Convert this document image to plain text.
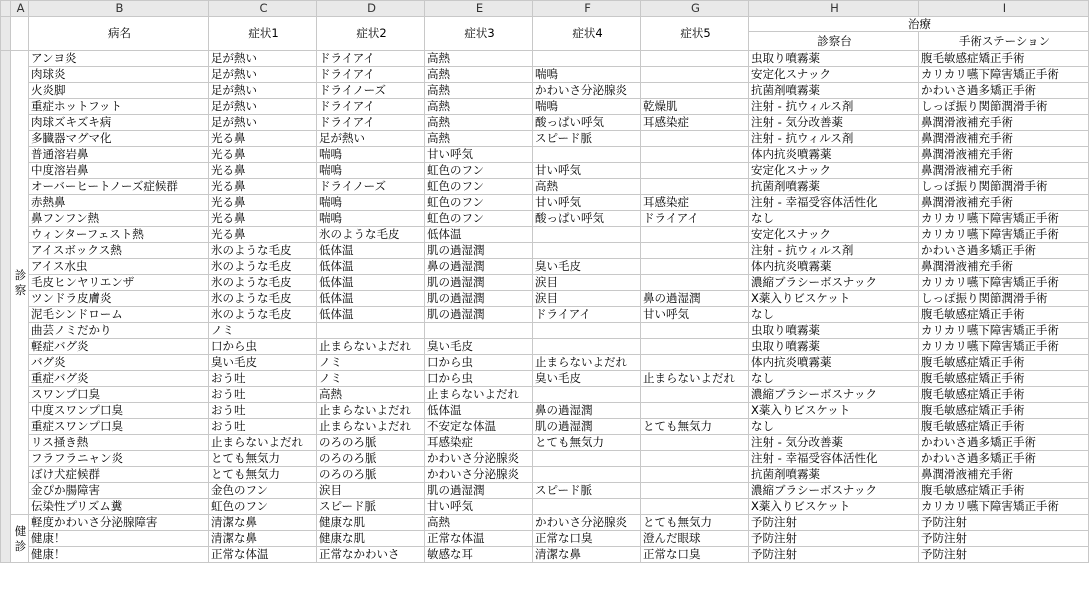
	A	B	C	D	E	F	G	H	I
		病名	症状1	症状2	症状3	症状4	症状5	治療	
								診察台	手術ステーション
	診察	アンヨ炎	足が熱い	ドライアイ	高熱			虫取り噴霧薬	腹毛敏感症矯正手術
		肉球炎	足が熱い	ドライアイ	高熱	喘鳴		安定化スナック	カリカリ嚥下障害矯正手術
		火炎脚	足が熱い	ドライノーズ	高熱	かわいさ分泌腺炎		抗菌剤噴霧薬	かわいさ過多矯正手術
		重症ホットフット	足が熱い	ドライアイ	高熱	喘鳴	乾燥肌	注射 - 抗ウィルス剤	しっぽ振り関節潤滑手術
		肉球ズキズキ病	足が熱い	ドライアイ	高熱	酸っぱい呼気	耳感染症	注射 - 気分改善薬	鼻潤滑液補充手術
		多臓器マグマ化	光る鼻	足が熱い	高熱	スピード脈		注射 - 抗ウィルス剤	鼻潤滑液補充手術
		普通溶岩鼻	光る鼻	喘鳴	甘い呼気			体内抗炎噴霧薬	鼻潤滑液補充手術
		中度溶岩鼻	光る鼻	喘鳴	虹色のフン	甘い呼気		安定化スナック	鼻潤滑液補充手術
		オーバーヒートノーズ症候群	光る鼻	ドライノーズ	虹色のフン	高熱		抗菌剤噴霧薬	しっぽ振り関節潤滑手術
		赤熱鼻	光る鼻	喘鳴	虹色のフン	甘い呼気	耳感染症	注射 - 幸福受容体活性化	鼻潤滑液補充手術
		鼻フンフン熱	光る鼻	喘鳴	虹色のフン	酸っぱい呼気	ドライアイ	なし	カリカリ嚥下障害矯正手術
		ウィンターフェスト熱	光る鼻	氷のような毛皮	低体温			安定化スナック	カリカリ嚥下障害矯正手術
		アイスボックス熱	氷のような毛皮	低体温	肌の過湿潤			注射 - 抗ウィルス剤	かわいさ過多矯正手術
		アイス水虫	氷のような毛皮	低体温	鼻の過湿潤	臭い毛皮		体内抗炎噴霧薬	鼻潤滑液補充手術
		毛皮ヒンヤリエンザ	氷のような毛皮	低体温	肌の過湿潤	涙目		濃縮ブラシーボスナック	カリカリ嚥下障害矯正手術
		ツンドラ皮膚炎	氷のような毛皮	低体温	肌の過湿潤	涙目	鼻の過湿潤	X薬入りビスケット	しっぽ振り関節潤滑手術
		泥毛シンドローム	氷のような毛皮	低体温	肌の過湿潤	ドライアイ	甘い呼気	なし	腹毛敏感症矯正手術
		曲芸ノミだかり	ノミ					虫取り噴霧薬	カリカリ嚥下障害矯正手術
		軽症バグ炎	口から虫	止まらないよだれ	臭い毛皮			虫取り噴霧薬	カリカリ嚥下障害矯正手術
		バグ炎	臭い毛皮	ノミ	口から虫	止まらないよだれ		体内抗炎噴霧薬	腹毛敏感症矯正手術
		重症バグ炎	おう吐	ノミ	口から虫	臭い毛皮	止まらないよだれ	なし	腹毛敏感症矯正手術
		スワンプ口臭	おう吐	高熱	止まらないよだれ			濃縮ブラシーボスナック	腹毛敏感症矯正手術
		中度スワンプ口臭	おう吐	止まらないよだれ	低体温	鼻の過湿潤		X薬入りビスケット	腹毛敏感症矯正手術
		重症スワンプ口臭	おう吐	止まらないよだれ	不安定な体温	肌の過湿潤	とても無気力	なし	腹毛敏感症矯正手術
		リス掻き熱	止まらないよだれ	のろのろ脈	耳感染症	とても無気力		注射 - 気分改善薬	かわいさ過多矯正手術
		フラフラニャン炎	とても無気力	のろのろ脈	かわいさ分泌腺炎			注射 - 幸福受容体活性化	かわいさ過多矯正手術
		ぼけ犬症候群	とても無気力	のろのろ脈	かわいさ分泌腺炎			抗菌剤噴霧薬	鼻潤滑液補充手術
		金ぴか腸障害	金色のフン	涙目	肌の過湿潤	スピード脈		濃縮ブラシーボスナック	腹毛敏感症矯正手術
		伝染性プリズム糞	虹色のフン	スピード脈	甘い呼気			X薬入りビスケット	カリカリ嚥下障害矯正手術
	健診	軽度かわいさ分泌腺障害	清潔な鼻	健康な肌	高熱	かわいさ分泌腺炎	とても無気力	予防注射	予防注射
		健康！	清潔な鼻	健康な肌	正常な体温	正常な口臭	澄んだ眼球	予防注射	予防注射
		健康！	正常な体温	正常なかわいさ	敏感な耳	清潔な鼻	正常な口臭	予防注射	予防注射
